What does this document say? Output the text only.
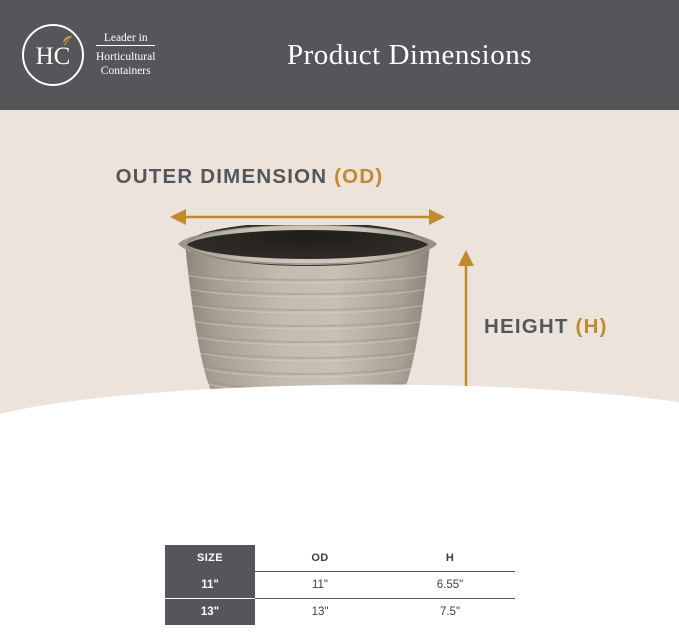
HC
Leader in
Horticultural
Containers	Product Dimensions
OUTER DIMENSION (OD)
HEIGHT (H)
SIZE	OD	H
11"	11"	6.55"
13"	13"	7.5"
